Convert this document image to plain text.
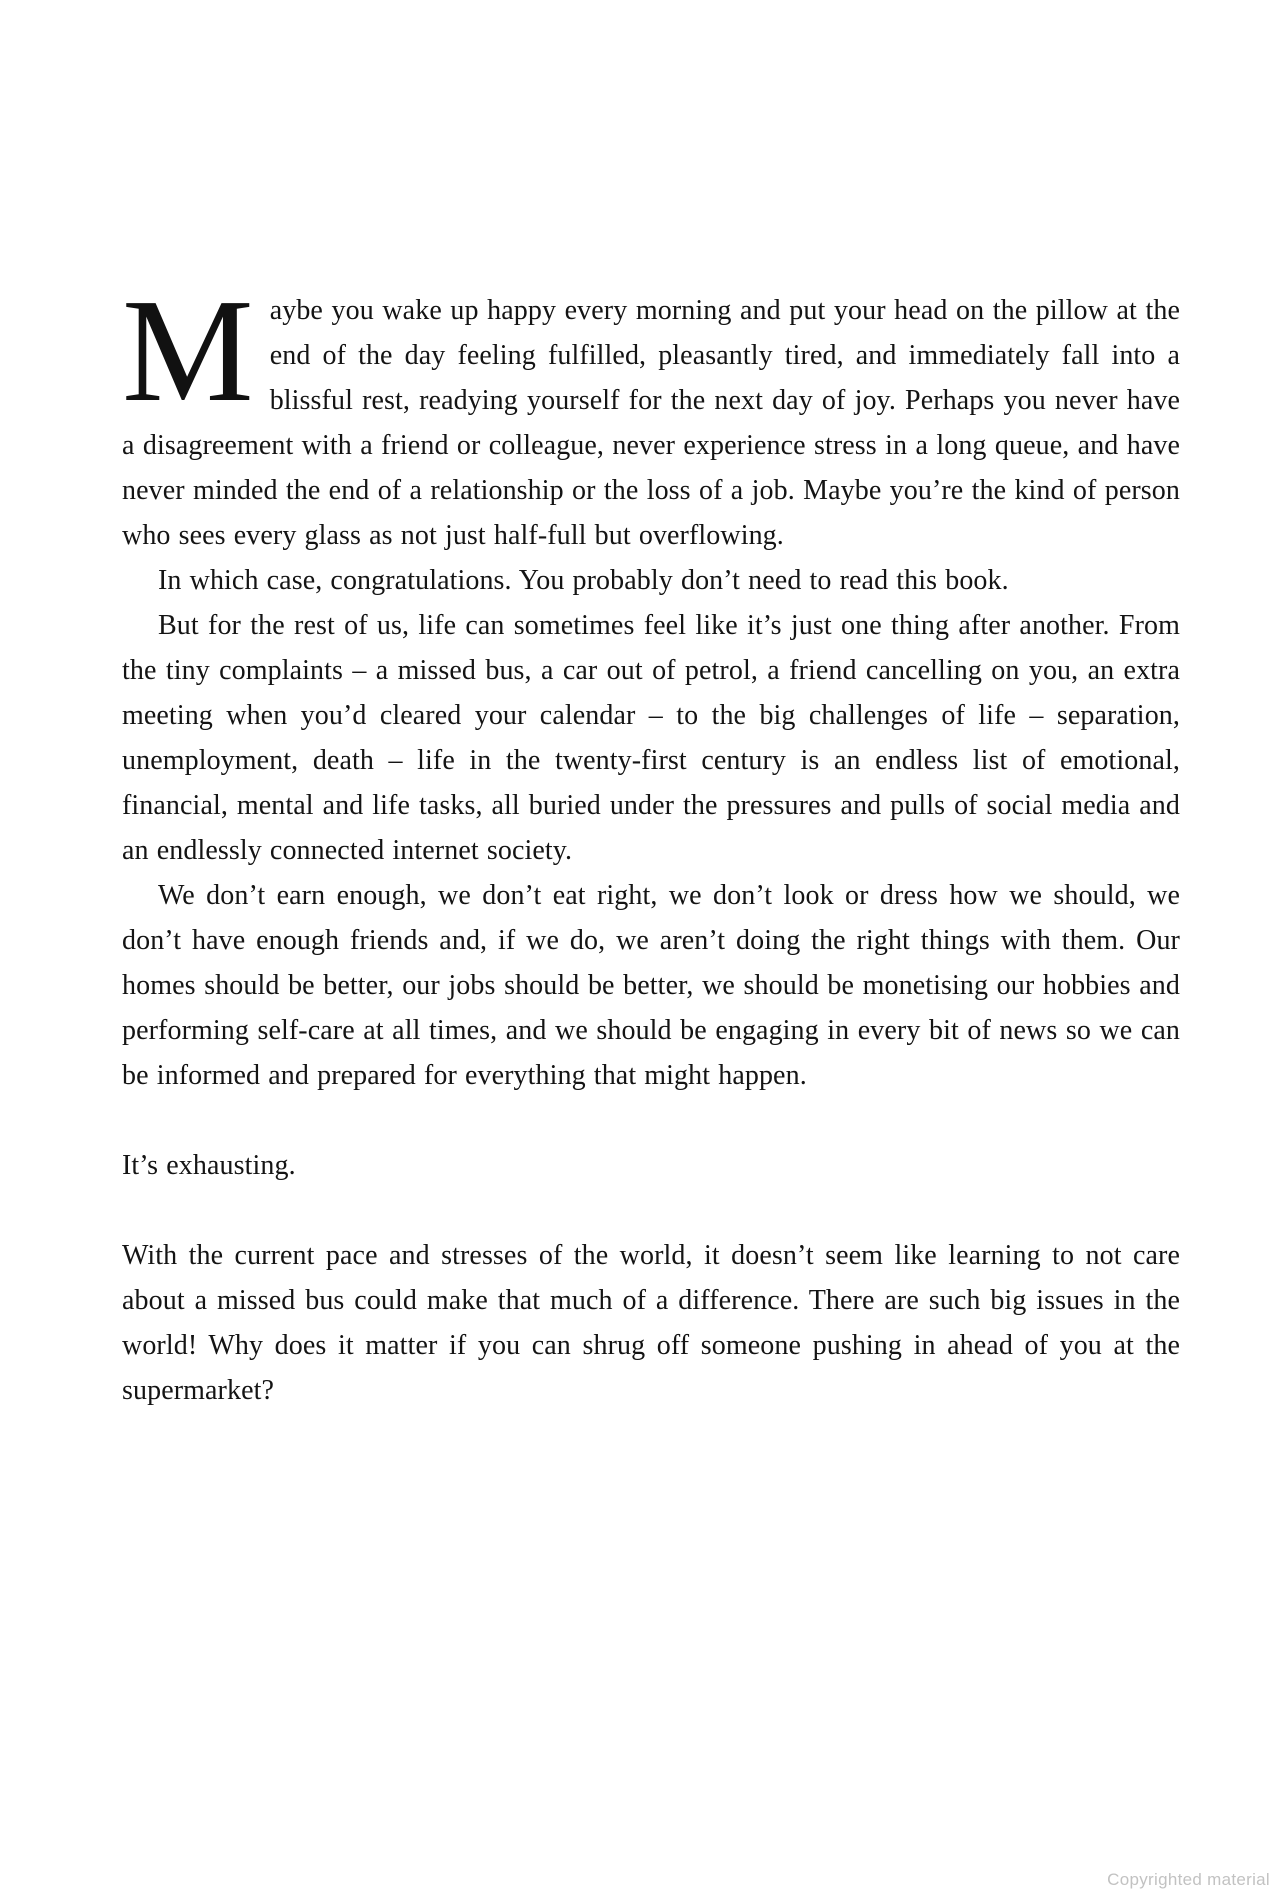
Maybe you wake up happy every morning and put your head on the pillow at the end of the day feeling fulfilled, pleasantly tired, and immediately fall into a blissful rest, readying yourself for the next day of joy. Perhaps you never have a disagreement with a friend or colleague, never experience stress in a long queue, and have never minded the end of a relationship or the loss of a job. Maybe you’re the kind of person who sees every glass as not just half-full but overflowing.

In which case, congratulations. You probably don’t need to read this book.

But for the rest of us, life can sometimes feel like it’s just one thing after another. From the tiny complaints – a missed bus, a car out of petrol, a friend cancelling on you, an extra meeting when you’d cleared your calendar – to the big challenges of life – separation, unemployment, death – life in the twenty-first century is an endless list of emotional, financial, mental and life tasks, all buried under the pressures and pulls of social media and an endlessly connected internet society.

We don’t earn enough, we don’t eat right, we don’t look or dress how we should, we don’t have enough friends and, if we do, we aren’t doing the right things with them. Our homes should be better, our jobs should be better, we should be monetising our hobbies and performing self-care at all times, and we should be engaging in every bit of news so we can be informed and prepared for everything that might happen.

It’s exhausting.

With the current pace and stresses of the world, it doesn’t seem like learning to not care about a missed bus could make that much of a difference. There are such big issues in the world! Why does it matter if you can shrug off someone pushing in ahead of you at the supermarket?

Copyrighted material
